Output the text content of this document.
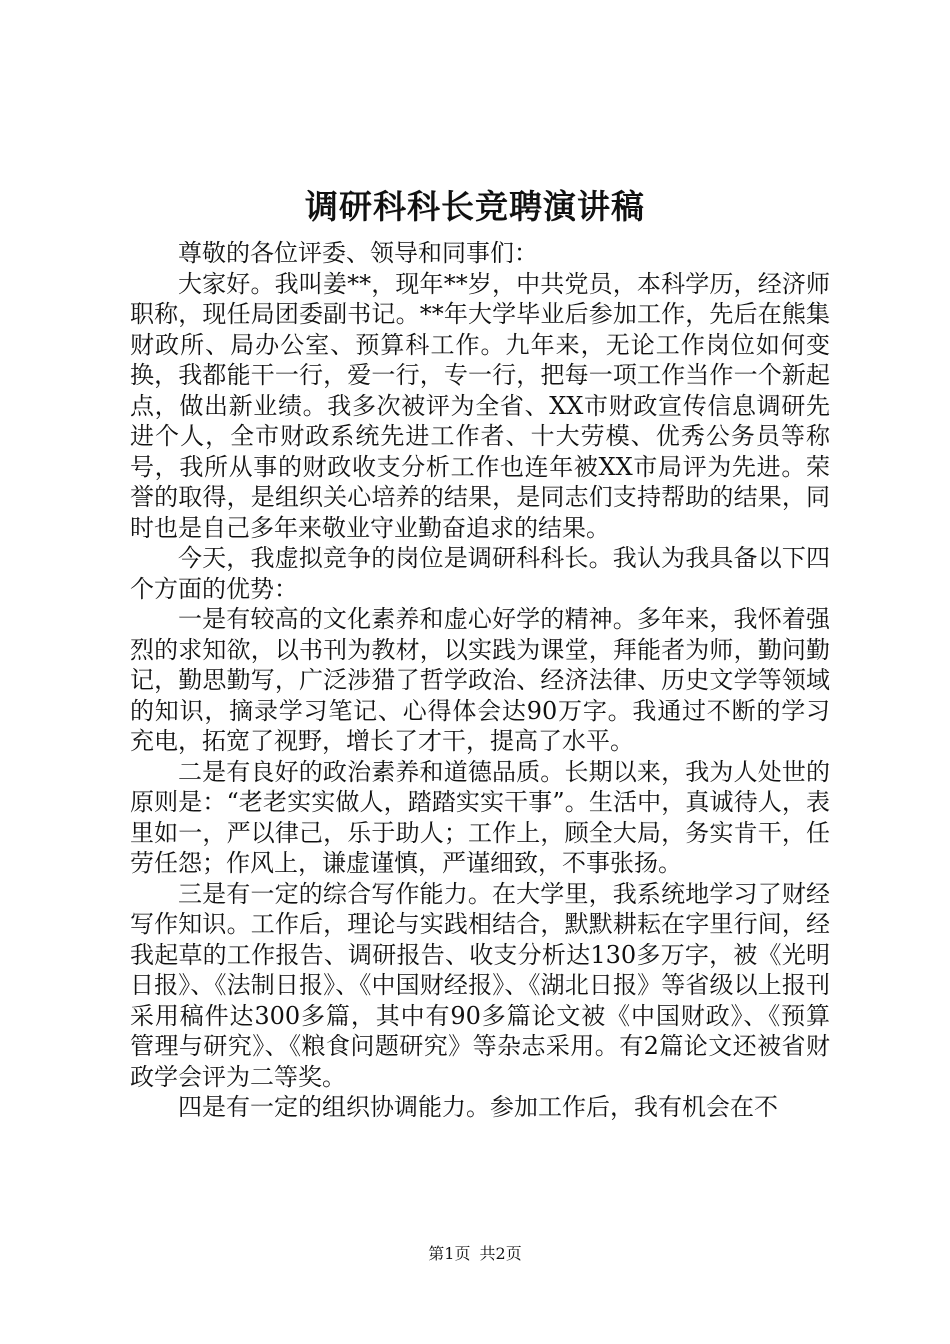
调研科科长竞聘演讲稿

尊敬的各位评委、领导和同事们：

大家好。我叫姜**，现年**岁，中共党员，本科学历，经济师职称，现任局团委副书记。**年大学毕业后参加工作，先后在熊集财政所、局办公室、预算科工作。九年来，无论工作岗位如何变换，我都能干一行，爱一行，专一行，把每一项工作当作一个新起点，做出新业绩。我多次被评为全省、XX市财政宣传信息调研先进个人，全市财政系统先进工作者、十大劳模、优秀公务员等称号，我所从事的财政收支分析工作也连年被XX市局评为先进。荣誉的取得，是组织关心培养的结果，是同志们支持帮助的结果，同时也是自己多年来敬业守业勤奋追求的结果。

今天，我虚拟竞争的岗位是调研科科长。我认为我具备以下四个方面的优势：

一是有较高的文化素养和虚心好学的精神。多年来，我怀着强烈的求知欲，以书刊为教材，以实践为课堂，拜能者为师，勤问勤记，勤思勤写，广泛涉猎了哲学政治、经济法律、历史文学等领域的知识，摘录学习笔记、心得体会达90万字。我通过不断的学习充电，拓宽了视野，增长了才干，提高了水平。

二是有良好的政治素养和道德品质。长期以来，我为人处世的原则是：“老老实实做人，踏踏实实干事”。生活中，真诚待人，表里如一，严以律己，乐于助人；工作上，顾全大局，务实肯干，任劳任怨；作风上，谦虚谨慎，严谨细致，不事张扬。

三是有一定的综合写作能力。在大学里，我系统地学习了财经写作知识。工作后，理论与实践相结合，默默耕耘在字里行间，经我起草的工作报告、调研报告、收支分析达130多万字，被《光明日报》、《法制日报》、《中国财经报》、《湖北日报》等省级以上报刊采用稿件达300多篇，其中有90多篇论文被《中国财政》、《预算管理与研究》、《粮食问题研究》等杂志采用。有2篇论文还被省财政学会评为二等奖。

四是有一定的组织协调能力。参加工作后，我有机会在不

第1页 共2页
